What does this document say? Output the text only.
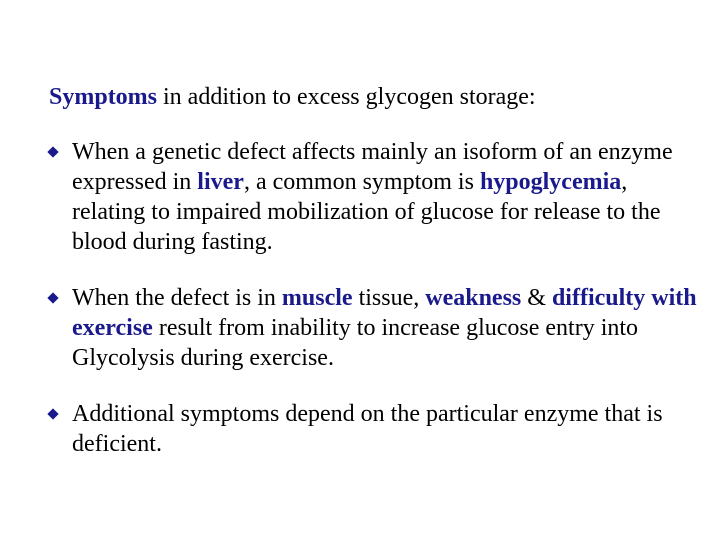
Symptoms in addition to excess glycogen storage:
When a genetic defect affects mainly an isoform of an enzyme expressed in liver, a common symptom is hypoglycemia, relating to impaired mobilization of glucose for release to the blood during fasting.
When the defect is in muscle tissue, weakness & difficulty with exercise result from inability to increase glucose entry into Glycolysis during exercise.
Additional symptoms depend on the particular enzyme that is deficient.
